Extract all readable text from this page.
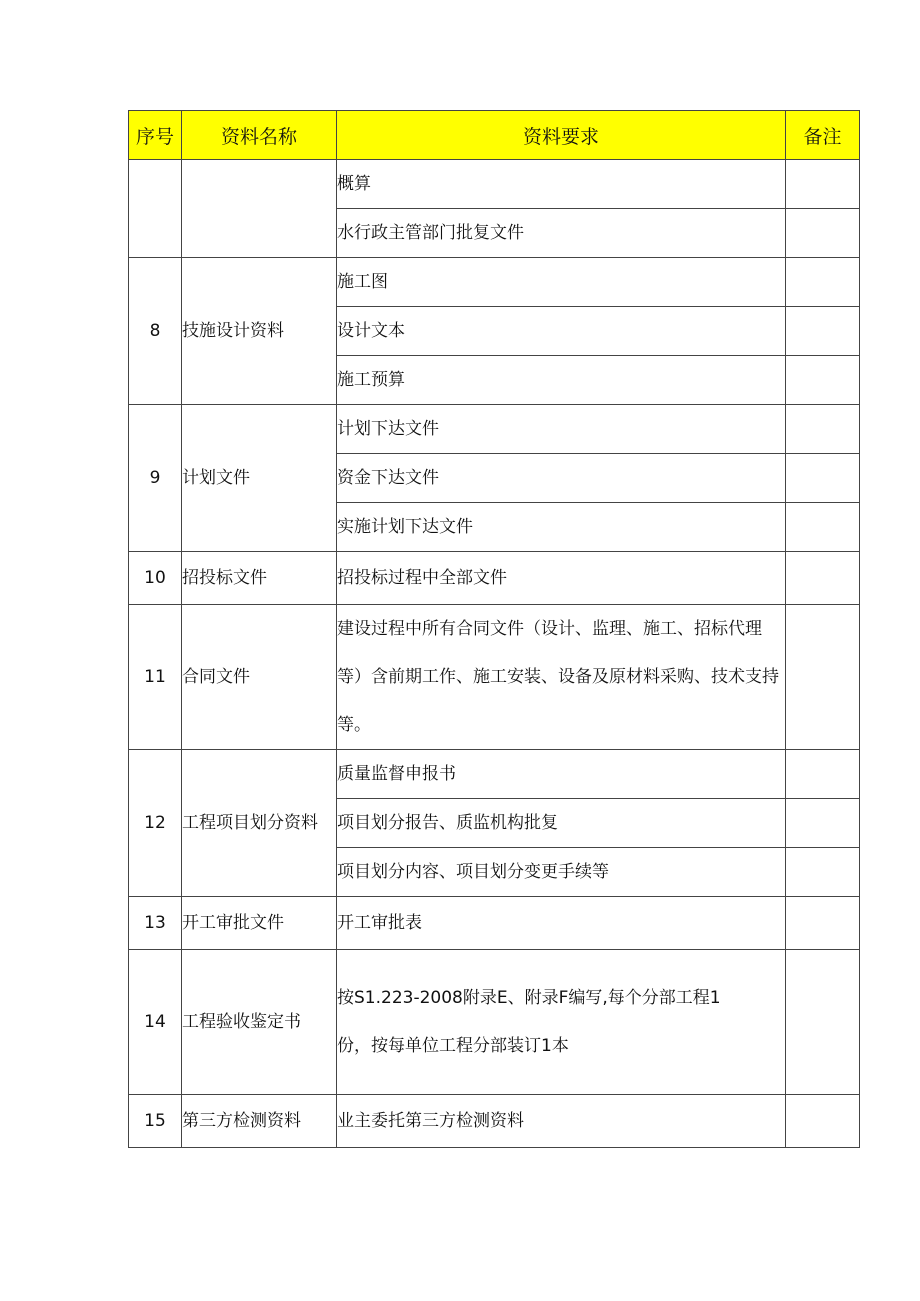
序号	资料名称	资料要求	备注
		概算	
		水行政主管部门批复文件	
8	技施设计资料	施工图	
		设计文本	
		施工预算	
9	计划文件	计划下达文件	
		资金下达文件	
		实施计划下达文件	
10	招投标文件	招投标过程中全部文件	
11	合同文件	建设过程中所有合同文件（设计、监理、施工、招标代理等）含前期工作、施工安装、设备及原材料采购、技术支持等。	
12	工程项目划分资料	质量监督申报书	
		项目划分报告、质监机构批复	
		项目划分内容、项目划分变更手续等	
13	开工审批文件	开工审批表	
14	工程验收鉴定书	按S1.223-2008附录E、附录F编写,每个分部工程1份，按每单位工程分部装订1本	
15	第三方检测资料	业主委托第三方检测资料	
